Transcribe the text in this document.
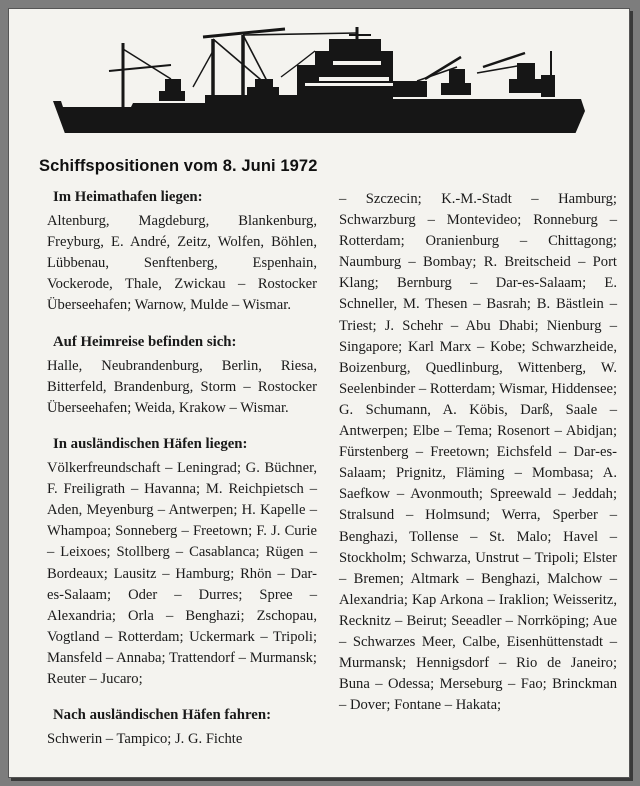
Schiffspositionen vom 8. Juni 1972
Im Heimathafen liegen:
Altenburg, Magdeburg, Blankenburg, Freyburg, E. André, Zeitz, Wolfen, Böhlen, Lübbenau, Senftenberg, Espenhain, Vockerode, Thale, Zwickau – Rostocker Überseehafen; Warnow, Mulde – Wismar.
Auf Heimreise befinden sich:
Halle, Neubrandenburg, Berlin, Riesa, Bitterfeld, Brandenburg, Storm – Rostocker Überseehafen; Weida, Krakow – Wismar.
In ausländischen Häfen liegen:
Völkerfreundschaft – Leningrad; G. Büchner, F. Freiligrath – Havanna; M. Reichpietsch – Aden, Meyenburg – Antwerpen; H. Kapelle – Whampoa; Sonneberg – Freetown; F. J. Curie – Leixoes; Stollberg – Casablanca; Rügen – Bordeaux; Lausitz – Hamburg; Rhön – Dar-es-Salaam; Oder – Durres; Spree – Alexandria; Orla – Benghazi; Zschopau, Vogtland – Rotterdam; Uckermark – Tripoli; Mansfeld – Annaba; Trattendorf – Murmansk; Reuter – Jucaro;
Nach ausländischen Häfen fahren:
Schwerin – Tampico; J. G. Fichte
– Szczecin; K.-M.-Stadt – Hamburg; Schwarzburg – Montevideo; Ronneburg – Rotterdam; Oranienburg – Chittagong; Naumburg – Bombay; R. Breitscheid – Port Klang; Bernburg – Dar-es-Salaam; E. Schneller, M. Thesen – Basrah; B. Bästlein – Triest; J. Schehr – Abu Dhabi; Nienburg – Singapore; Karl Marx – Kobe; Schwarzheide, Boizenburg, Quedlinburg, Wittenberg, W. Seelenbinder – Rotterdam; Wismar, Hiddensee; G. Schumann, A. Köbis, Darß, Saale – Antwerpen; Elbe – Tema; Rosenort – Abidjan; Fürstenberg – Freetown; Eichsfeld – Dar-es-Salaam; Prignitz, Fläming – Mombasa; A. Saefkow – Avonmouth; Spreewald – Jeddah; Stralsund – Holmsund; Werra, Sperber – Benghazi, Tollense – St. Malo; Havel – Stockholm; Schwarza, Unstrut – Tripoli; Elster – Bremen; Altmark – Benghazi, Malchow – Alexandria; Kap Arkona – Iraklion; Weisseritz, Recknitz – Beirut; Seeadler – Norrköping; Aue – Schwarzes Meer, Calbe, Eisenhüttenstadt – Murmansk; Hennigsdorf – Rio de Janeiro; Buna – Odessa; Merseburg – Fao; Brinckman – Dover; Fontane – Hakata;
